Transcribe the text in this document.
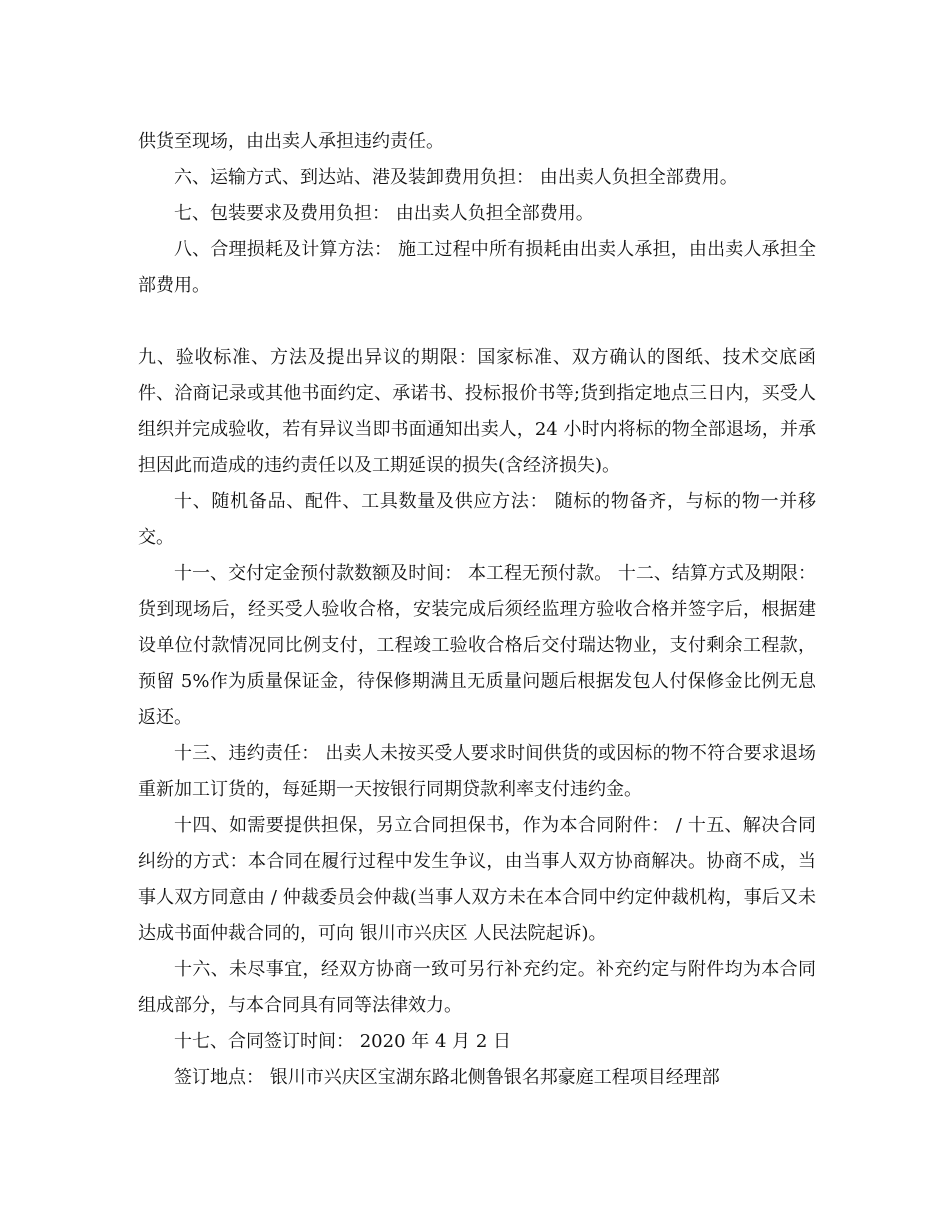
供货至现场，由出卖人承担违约责任。

六、运输方式、到达站、港及装卸费用负担： 由出卖人负担全部费用。

七、包装要求及费用负担： 由出卖人负担全部费用。

八、合理损耗及计算方法： 施工过程中所有损耗由出卖人承担，由出卖人承担全部费用。

九、验收标准、方法及提出异议的期限：国家标准、双方确认的图纸、技术交底函件、洽商记录或其他书面约定、承诺书、投标报价书等;货到指定地点三日内，买受人组织并完成验收，若有异议当即书面通知出卖人，24 小时内将标的物全部退场，并承担因此而造成的违约责任以及工期延误的损失(含经济损失)。

十、随机备品、配件、工具数量及供应方法： 随标的物备齐，与标的物一并移交。

十一、交付定金预付款数额及时间： 本工程无预付款。 十二、结算方式及期限：货到现场后，经买受人验收合格，安装完成后须经监理方验收合格并签字后，根据建设单位付款情况同比例支付，工程竣工验收合格后交付瑞达物业，支付剩余工程款，预留 5%作为质量保证金，待保修期满且无质量问题后根据发包人付保修金比例无息返还。

十三、违约责任： 出卖人未按买受人要求时间供货的或因标的物不符合要求退场重新加工订货的，每延期一天按银行同期贷款利率支付违约金。

十四、如需要提供担保，另立合同担保书，作为本合同附件： / 十五、解决合同纠纷的方式：本合同在履行过程中发生争议，由当事人双方协商解决。协商不成，当事人双方同意由 / 仲裁委员会仲裁(当事人双方未在本合同中约定仲裁机构，事后又未达成书面仲裁合同的，可向 银川市兴庆区 人民法院起诉)。

十六、未尽事宜，经双方协商一致可另行补充约定。补充约定与附件均为本合同组成部分，与本合同具有同等法律效力。

十七、合同签订时间： 2020 年 4 月 2 日

签订地点： 银川市兴庆区宝湖东路北侧鲁银名邦豪庭工程项目经理部
